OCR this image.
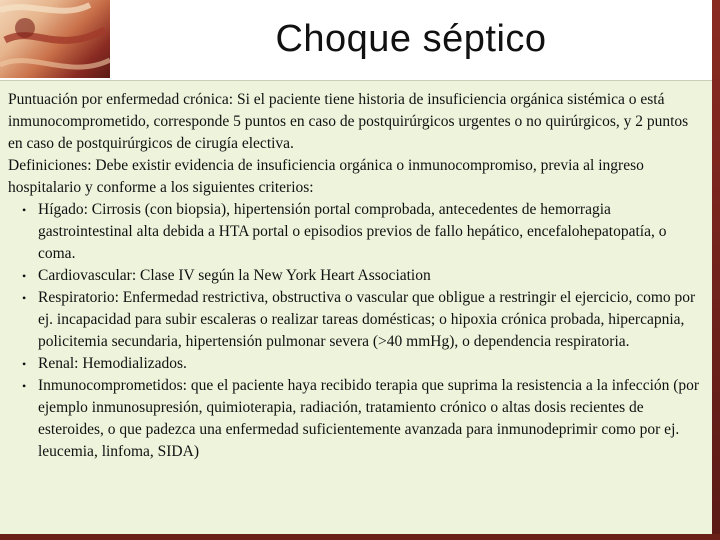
Choque séptico

Puntuación por enfermedad crónica: Si el paciente tiene historia de insuficiencia orgánica sistémica o está inmunocomprometido, corresponde 5 puntos en caso de postquirúrgicos urgentes o no quirúrgicos, y 2 puntos en caso de postquirúrgicos de cirugía electiva.

Definiciones: Debe existir evidencia de insuficiencia orgánica o inmunocompromiso, previa al ingreso hospitalario y conforme a los siguientes criterios:

• Hígado: Cirrosis (con biopsia), hipertensión portal comprobada, antecedentes de hemorragia gastrointestinal alta debida a HTA portal o episodios previos de fallo hepático, encefalohepatopatía, o coma.
• Cardiovascular: Clase IV según la New York Heart Association
• Respiratorio: Enfermedad restrictiva, obstructiva o vascular que obligue a restringir el ejercicio, como por ej. incapacidad para subir escaleras o realizar tareas domésticas; o hipoxia crónica probada, hipercapnia, policitemia secundaria, hipertensión pulmonar severa (>40 mmHg), o dependencia respiratoria.
• Renal: Hemodializados.
• Inmunocomprometidos: que el paciente haya recibido terapia que suprima la resistencia a la infección (por ejemplo inmunosupresión, quimioterapia, radiación, tratamiento crónico o altas dosis recientes de esteroides, o que padezca una enfermedad suficientemente avanzada para inmunodeprimir como por ej. leucemia, linfoma, SIDA)
